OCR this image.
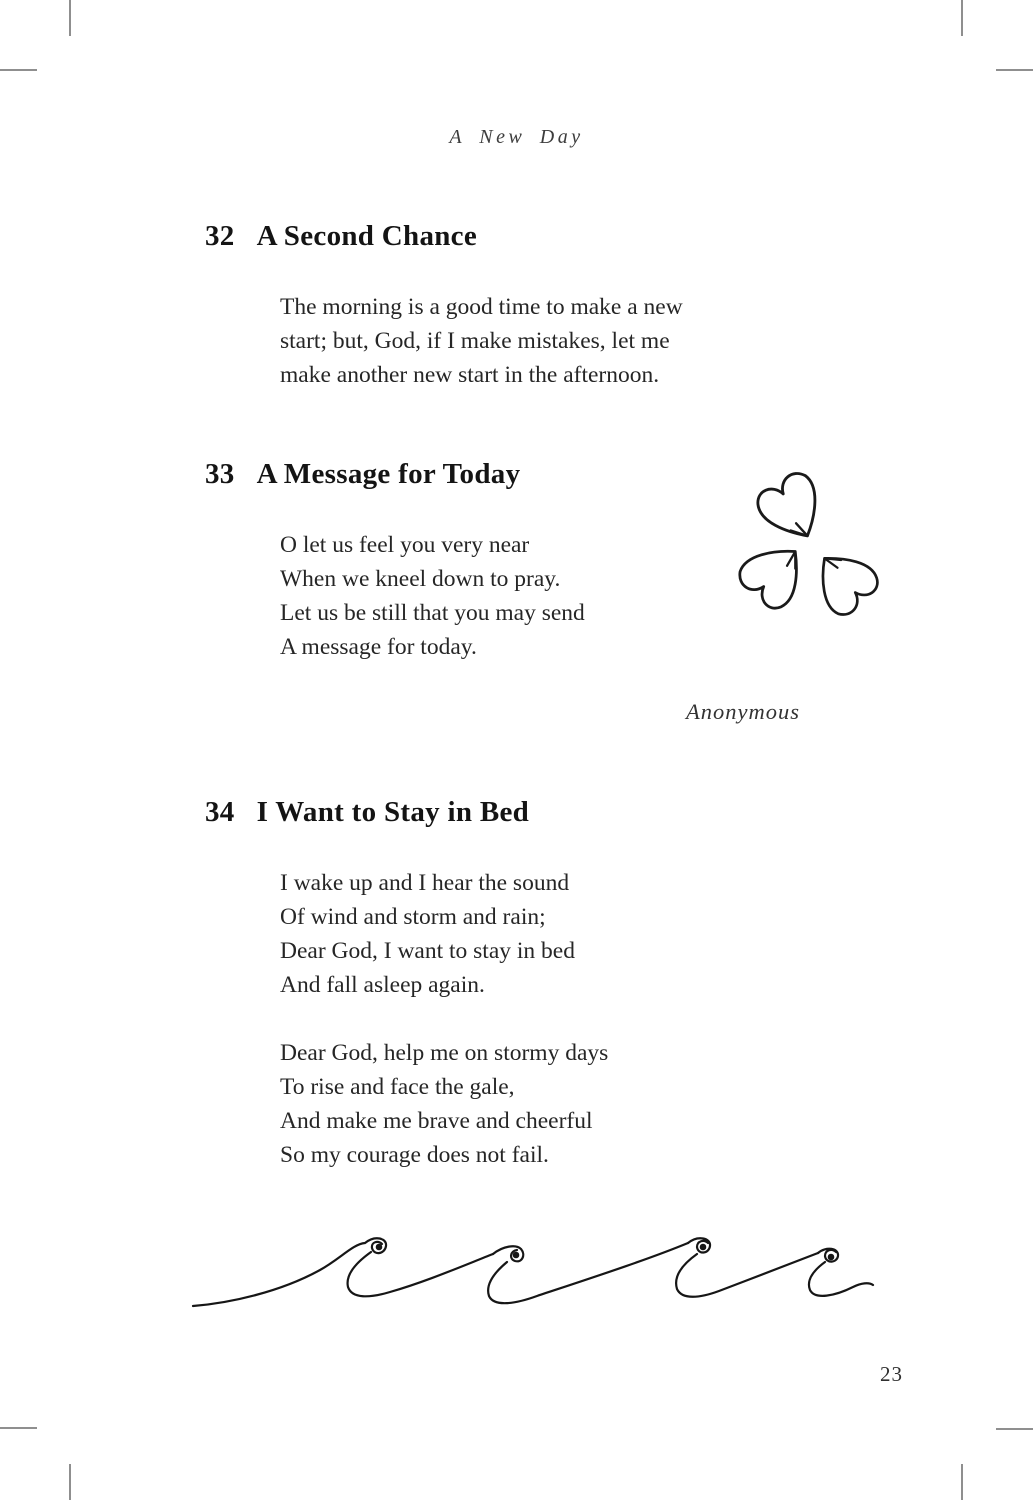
A New Day
32 A Second Chance
The morning is a good time to make a new
start; but, God, if I make mistakes, let me
make another new start in the afternoon.
33 A Message for Today
O let us feel you very near
When we kneel down to pray.
Let us be still that you may send
A message for today.
Anonymous
34 I Want to Stay in Bed
I wake up and I hear the sound
Of wind and storm and rain;
Dear God, I want to stay in bed
And fall asleep again.
Dear God, help me on stormy days
To rise and face the gale,
And make me brave and cheerful
So my courage does not fail.
23
